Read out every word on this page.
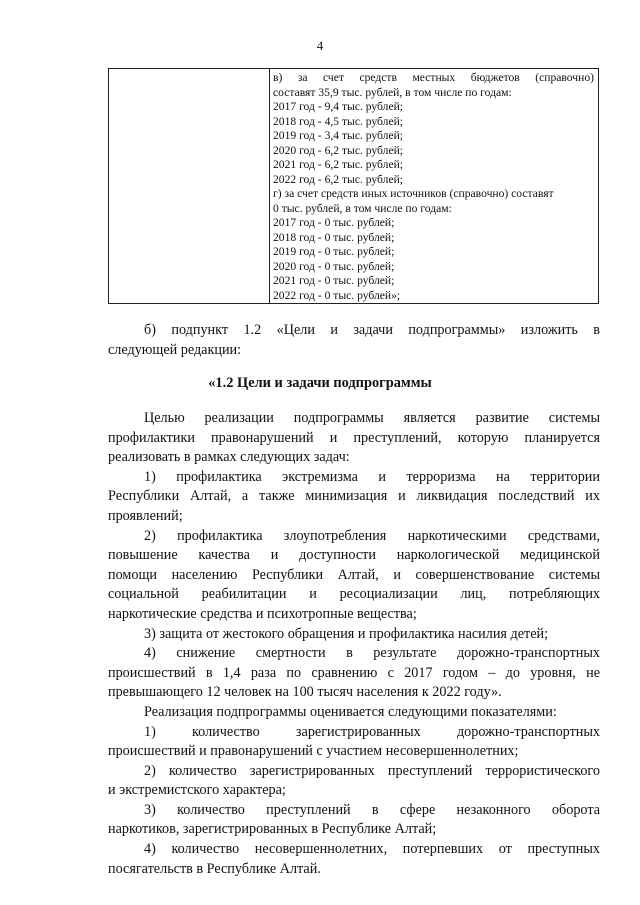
4
в) за счет средств местных бюджетов (справочно)
составят 35,9 тыс. рублей, в том числе по годам:
2017 год - 9,4 тыс. рублей;
2018 год - 4,5 тыс. рублей;
2019 год - 3,4 тыс. рублей;
2020 год - 6,2 тыс. рублей;
2021 год - 6,2 тыс. рублей;
2022 год - 6,2 тыс. рублей;
г) за счет средств иных источников (справочно) составят
0 тыс. рублей, в том числе по годам:
2017 год - 0 тыс. рублей;
2018 год - 0 тыс. рублей;
2019 год - 0 тыс. рублей;
2020 год - 0 тыс. рублей;
2021 год - 0 тыс. рублей;
2022 год - 0 тыс. рублей»;
б) подпункт 1.2 «Цели и задачи подпрограммы» изложить в
следующей редакции:
«1.2 Цели и задачи подпрограммы
Целью реализации подпрограммы является развитие системы
профилактики правонарушений и преступлений, которую планируется
реализовать в рамках следующих задач:
1) профилактика экстремизма и терроризма на территории
Республики Алтай, а также минимизация и ликвидация последствий их
проявлений;
2) профилактика злоупотребления наркотическими средствами,
повышение качества и доступности наркологической медицинской
помощи населению Республики Алтай, и совершенствование системы
социальной реабилитации и ресоциализации лиц, потребляющих
наркотические средства и психотропные вещества;
3) защита от жестокого обращения и профилактика насилия детей;
4) снижение смертности в результате дорожно-транспортных
происшествий в 1,4 раза по сравнению с 2017 годом – до уровня, не
превышающего 12 человек на 100 тысяч населения к 2022 году».
Реализация подпрограммы оценивается следующими показателями:
1) количество зарегистрированных дорожно-транспортных
происшествий и правонарушений с участием несовершеннолетних;
2) количество зарегистрированных преступлений террористического
и экстремистского характера;
3) количество преступлений в сфере незаконного оборота
наркотиков, зарегистрированных в Республике Алтай;
4) количество несовершеннолетних, потерпевших от преступных
посягательств в Республике Алтай.
